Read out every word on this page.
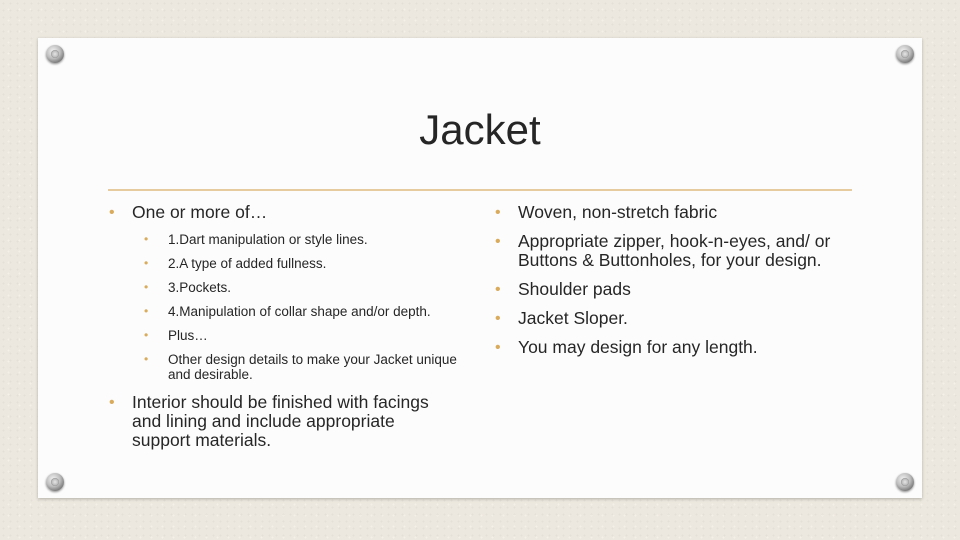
Jacket
• One or more of…
• 1.Dart manipulation or style lines.
• 2.A type of added fullness.
• 3.Pockets.
• 4.Manipulation of collar shape and/or depth.
• Plus…
• Other design details to make your Jacket unique and desirable.
• Interior should be finished with facings and lining and include appropriate support materials.
• Woven, non-stretch fabric
• Appropriate zipper, hook-n-eyes, and/ or Buttons & Buttonholes, for your design.
• Shoulder pads
• Jacket Sloper.
• You may design for any length.
